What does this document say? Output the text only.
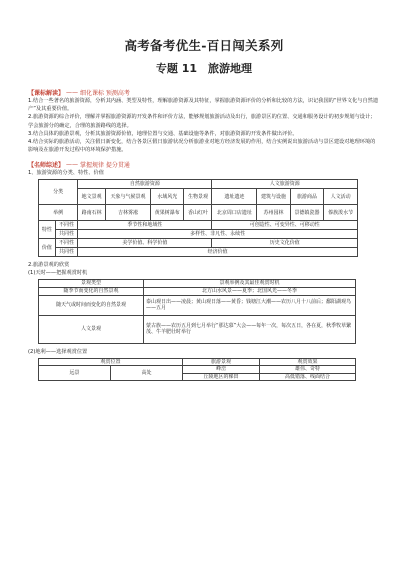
高考备考优生-百日闯关系列
专题 11　旅游地理
【课标解读】 —— 细化课标 预测高考

1.结合一些著名的旅游资源，分析其内涵、类型及特性，理解旅游资源及其特征，掌握旅游资源评价的分析和比较的方法，识记我国的“世界文化与自然遗产”及其重要价值。

2.旅游资源的综合评价，理解并掌握旅游资源的开发条件和评价方法，能够规划旅游活动及出行，旅游景区的位置、交通和服务设计的初步规划与设计；学会旅游分的确定，合理的旅游路线的选择。

3.结合具体的旅游景观，分析其旅游资源价值，地理位置与交通、基础设施等条件，对旅游资源的开发条件做出评价。

4.结合实际的旅游活动，关注假日新变化，结合各景区假日旅游状况分析旅游业对地方经济发展的作用，结合实例说出旅游活动与景区建设对地理环境的影响及在旅游开发过程中的环境保护措施。

【名师综述】 —— 掌握规律 提分贯通

1、旅游资源的分类、特性、价值

分类		自然旅游资源				人文旅游资源			
		地文景观	天象与气候景观	水域风光	生物景观	遗址遗迹	建筑与设施	旅游商品	人文活动
举例		路南石林	吉林雾凇	黄果树瀑布	香山红叶	北京周口店遗址	苏州园林	景德镇瓷器	傣族泼水节
特性	不同性	季节性和地域性				可创造性、可变异性、可移动性			
	共同性	多样性、非凡性、永续性							
价值	不同性	美学价值、科学价值				历史文化价值			
	共同性	经济价值							

2.旅游景观的欣赏

(1)天时——把握观赏时机

景观类型	景观举例及其最佳观赏时机
随季节而变化的自然景观	北方山水风景——夏季；北国风光——冬季
随天气或时间而变化的自然景观	泰山观日出——凌晨；黄山观日落——黄昏；钱塘江大潮——农历八月十八前后；鄱阳湖观鸟——五月
人文景观	蒙古族——农历五月到七月举行“那达慕”大会——每年一次，每次五日，各在夏，秋季牧草繁茂、牛羊肥壮时举行

(2)地利——选择观赏位置

观赏位置		旅游景观	观赏效果
远景	高处	峰峦	雄伟、奇特
		丘陵地区的梯田	高低错落、线面结合
